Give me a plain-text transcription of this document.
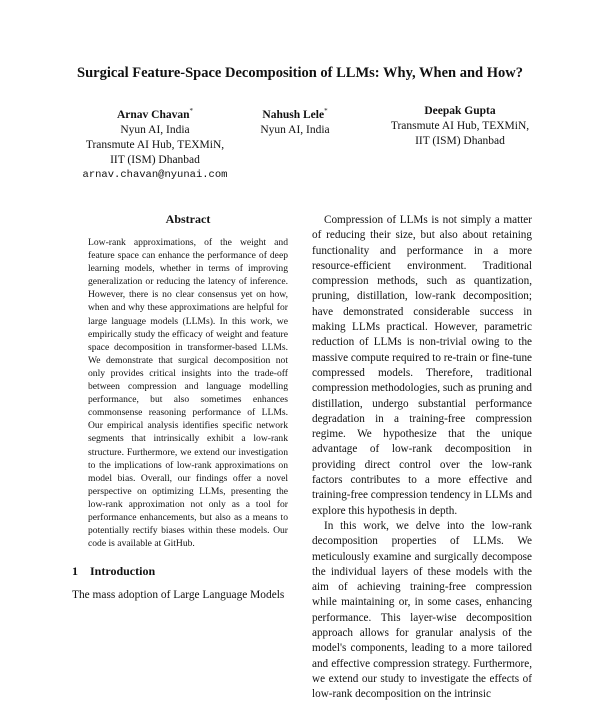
Surgical Feature-Space Decomposition of LLMs: Why, When and How?
Arnav Chavan*
Nyun AI, India
Transmute AI Hub, TEXMiN,
IIT (ISM) Dhanbad
arnav.chavan@nyunai.com
Nahush Lele*
Nyun AI, India
Deepak Gupta
Transmute AI Hub, TEXMiN,
IIT (ISM) Dhanbad
Abstract
Low-rank approximations, of the weight and feature space can enhance the performance of deep learning models, whether in terms of improving generalization or reducing the latency of inference. However, there is no clear consensus yet on how, when and why these approximations are helpful for large language models (LLMs). In this work, we empirically study the efficacy of weight and feature space decomposition in transformer-based LLMs. We demonstrate that surgical decomposition not only provides critical insights into the trade-off between compression and language modelling performance, but also sometimes enhances commonsense reasoning performance of LLMs. Our empirical analysis identifies specific network segments that intrinsically exhibit a low-rank structure. Furthermore, we extend our investigation to the implications of low-rank approximations on model bias. Overall, our findings offer a novel perspective on optimizing LLMs, presenting the low-rank approximation not only as a tool for performance enhancements, but also as a means to potentially rectify biases within these models. Our code is available at GitHub.
1 Introduction
The mass adoption of Large Language Models

Compression of LLMs is not simply a matter of reducing their size, but also about retaining functionality and performance in a more resource-efficient environment. Traditional compression methods, such as quantization, pruning, distillation, low-rank decomposition; have demonstrated considerable success in making LLMs practical. However, parametric reduction of LLMs is non-trivial owing to the massive compute required to re-train or fine-tune compressed models. Therefore, traditional compression methodologies, such as pruning and distillation, undergo substantial performance degradation in a training-free compression regime. We hypothesize that the unique advantage of low-rank decomposition in providing direct control over the low-rank factors contributes to a more effective and training-free compression tendency in LLMs and explore this hypothesis in depth.

In this work, we delve into the low-rank decomposition properties of LLMs. We meticulously examine and surgically decompose the individual layers of these models with the aim of achieving training-free compression while maintaining or, in some cases, enhancing performance. This layer-wise decomposition approach allows for granular analysis of the model's components, leading to a more tailored and effective compression strategy. Furthermore, we extend our study to investigate the effects of low-rank decomposition on the intrinsic
